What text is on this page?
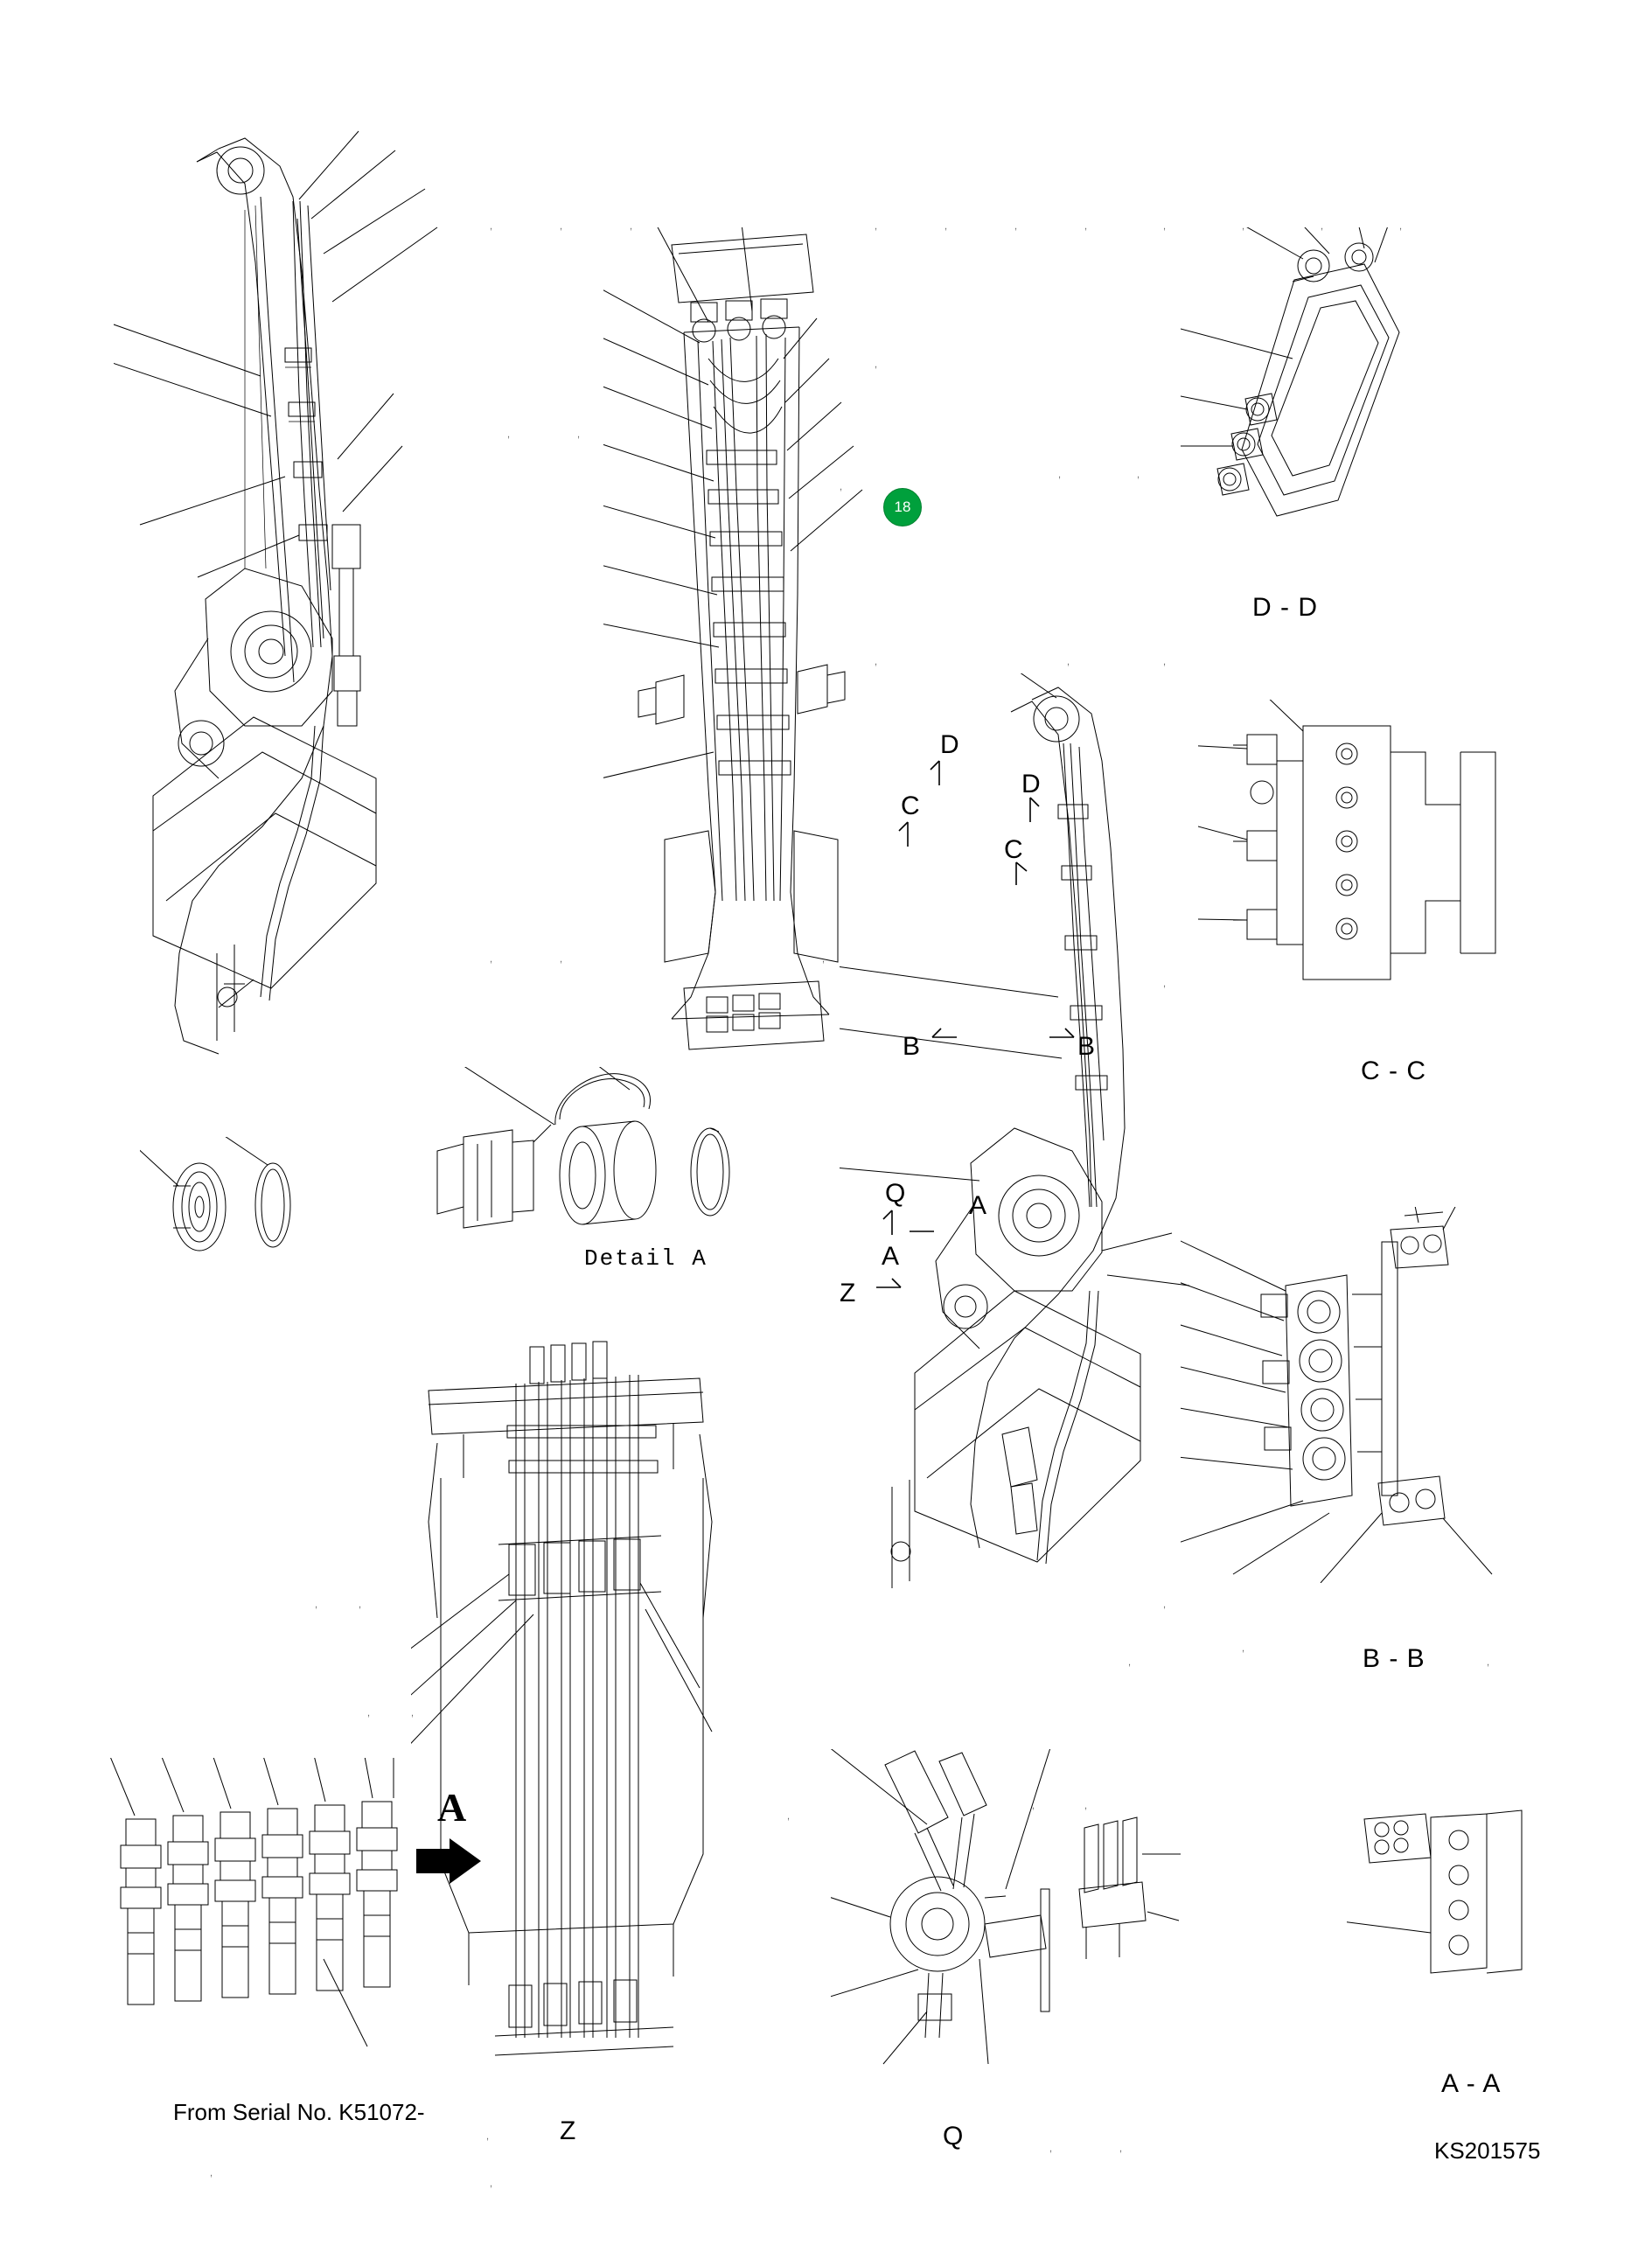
D - D
C - C
D
D
C
C
B	B
Q
A
A
Z
B - B
A - A
Detail A
Z	Q
A
From Serial No. K51072-
18
KS201575
,	,	,	,	,	,	,	,	,	,	,
,	,
,
,	,
,
,	,	,
,	,	,
,
,	,	,
,	,
,
,	,
,
,
,	,
,
,
,
,
